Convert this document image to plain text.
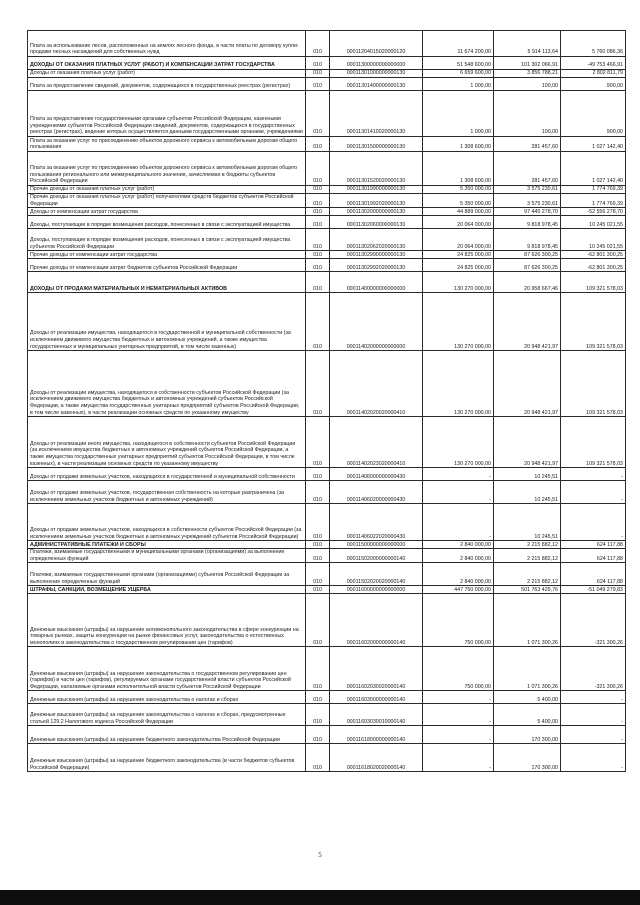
Плата за использование лесов, расположенных на землях лесного фонда, в части платы по договору купли-продажи лесных насаждений для собственных нужд	010	00011204015020000120	11 674 200,00	5 914 113,64	5 760 086,36
ДОХОДЫ ОТ ОКАЗАНИЯ ПЛАТНЫХ УСЛУГ (РАБОТ) И КОМПЕНСАЦИИ ЗАТРАТ ГОСУДАРСТВА	010	00011300000000000000	51 548 600,00	101 302 066,91	-49 753 466,91
Доходы от оказания платных услуг (работ)	010	00011301000000000130	6 659 600,00	3 856 788,21	2 802 811,79
Плата за предоставление сведений, документов, содержащихся в государственных реестрах (регистрах)	010	00011301400000000130	1 000,00	100,00	900,00
Плата за предоставление государственными органами субъектов Российской Федерации, казенными учреждениями субъектов Российской Федерации сведений, документов, содержащихся в государственных реестрах (регистрах), ведение которых осуществляется данными государственными органами, учреждениями	010	00011301410020000130	1 000,00	100,00	900,00
Плата за оказание услуг по присоединению объектов дорожного сервиса к автомобильным дорогам общего пользования	010	00011301500000000130	1 308 600,00	281 457,60	1 027 142,40
Плата за оказание услуг по присоединению объектов дорожного сервиса к автомобильным дорогам общего пользования регионального или межмуниципального значения, зачисляемая в бюджеты субъектов Российской Федерации	010	00011301520020000130	1 308 600,00	281 457,60	1 027 142,40
Прочие доходы от оказания платных услуг (работ)	010	00011301990000000130	5 350 000,00	3 575 230,61	1 774 769,39
Прочие доходы от оказания платных услуг (работ) получателями средств бюджетов субъектов Российской Федерации	010	00011301992020000130	5 350 000,00	3 575 230,61	1 774 769,39
Доходы от компенсации затрат государства	010	00011302000000000130	44 889 000,00	97 445 278,70	-52 556 278,70
Доходы, поступающие в порядке возмещения расходов, понесенных в связи с эксплуатацией имущества	010	00011302060000000130	20 064 000,00	9 818 978,45	10 245 021,55
Доходы, поступающие в порядке возмещения расходов, понесенных в связи с эксплуатацией имущества субъектов Российской Федерации	010	00011302062020000130	20 064 000,00	9 818 978,45	10 245 021,55
Прочие доходы от компенсации затрат государства	010	00011302990000000130	24 825 000,00	87 626 300,25	-62 801 300,25
Прочие доходы от компенсации затрат бюджетов субъектов Российской Федерации	010	00011302992020000130	24 825 000,00	87 626 300,25	-62 801 300,25
ДОХОДЫ ОТ ПРОДАЖИ МАТЕРИАЛЬНЫХ И НЕМАТЕРИАЛЬНЫХ АКТИВОВ	010	00011400000000000000	130 270 000,00	20 958 667,46	109 321 578,03
Доходы от реализации имущества, находящегося в государственной и муниципальной собственности (за исключением движимого имущества бюджетных и автономных учреждений, а также имущества государственных и муниципальных унитарных предприятий, в том числе казенных)	010	00011402000000000000	130 270 000,00	20 948 421,97	109 321 578,03
Доходы от реализации имущества, находящегося в собственности субъектов Российской Федерации (за исключением движимого имущества бюджетных и автономных учреждений субъектов Российской Федерации, а также имущества государственных унитарных предприятий субъектов Российской Федерации, в том числе казенных), в части реализации основных средств по указанному имуществу	010	00011402020020000410	130 270 000,00	20 948 421,97	109 321 578,03
Доходы от реализации иного имущества, находящегося в собственности субъектов Российской Федерации (за исключением имущества бюджетных и автономных учреждений субъектов Российской Федерации, а также имущества государственных унитарных предприятий субъектов Российской Федерации, в том числе казенных), в части реализации основных средств по указанному имуществу	010	00011402023020000410	130 270 000,00	20 948 421,97	109 321 578,03
Доходы от продажи земельных участков, находящихся в государственной и муниципальной собственности	010	00011406000000000430	-	10 245,51	-
Доходы от продажи земельных участков, государственная собственность на которые разграничена (за исключением земельных участков бюджетных и автономных учреждений)	010	00011406020000000430	-	10 245,51	-
Доходы от продажи земельных участков, находящихся в собственности субъектов Российской Федерации (за исключением земельных участков бюджетных и автономных учреждений субъектов Российской Федерации)	010	00011406022020000430	-	10 245,51	-
АДМИНИСТРАТИВНЫЕ ПЛАТЕЖИ И СБОРЫ	010	00011500000000000000	2 840 000,00	2 215 882,12	624 117,88
Платежи, взимаемые государственными и муниципальными органами (организациями) за выполнение определенных функций	010	00011502000000000140	2 840 000,00	2 215 882,12	624 117,88
Платежи, взимаемые государственными органами (организациями) субъектов Российской Федерации за выполнение определенных функций	010	00011502020020000140	2 840 000,00	2 215 882,12	624 117,88
ШТРАФЫ, САНКЦИИ, ВОЗМЕЩЕНИЕ УЩЕРБА	010	00011600000000000000	447 750 000,00	501 763 429,76	-51 049 279,83
Денежные взыскания (штрафы) за нарушение антимонопольного законодательства в сфере конкуренции на товарных рынках, защиты конкуренции на рынке финансовых услуг, законодательства о естественных монополиях и законодательства о государственном регулировании цен (тарифов)	010	00011602000000000140	750 000,00	1 071 300,26	-321 300,26
Денежные взыскания (штрафы) за нарушение законодательства о государственном регулировании цен (тарифов) в части цен (тарифов), регулируемых органами государственной власти субъектов Российской Федерации, налагаемые органами исполнительной власти субъектов Российской Федерации	010	00011602030020000140	750 000,00	1 071 300,26	-321 300,26
Денежные взыскания (штрафы) за нарушение законодательства о налогах и сборах	010	00011603000000000140	-	5 400,00	-
Денежные взыскания (штрафы) за нарушение законодательства о налогах и сборах, предусмотренные статьей 129.2 Налогового кодекса Российской Федерации	010	00011603030010000140	-	5 400,00	-
Денежные взыскания (штрафы) за нарушение бюджетного законодательства Российской Федерации	010	00011618000000000140	-	170 300,00	-
Денежные взыскания (штрафы) за нарушение бюджетного законодательства (в части бюджетов субъектов Российской Федерации)	010	00011618020020000140	-	170 300,00	-
5
